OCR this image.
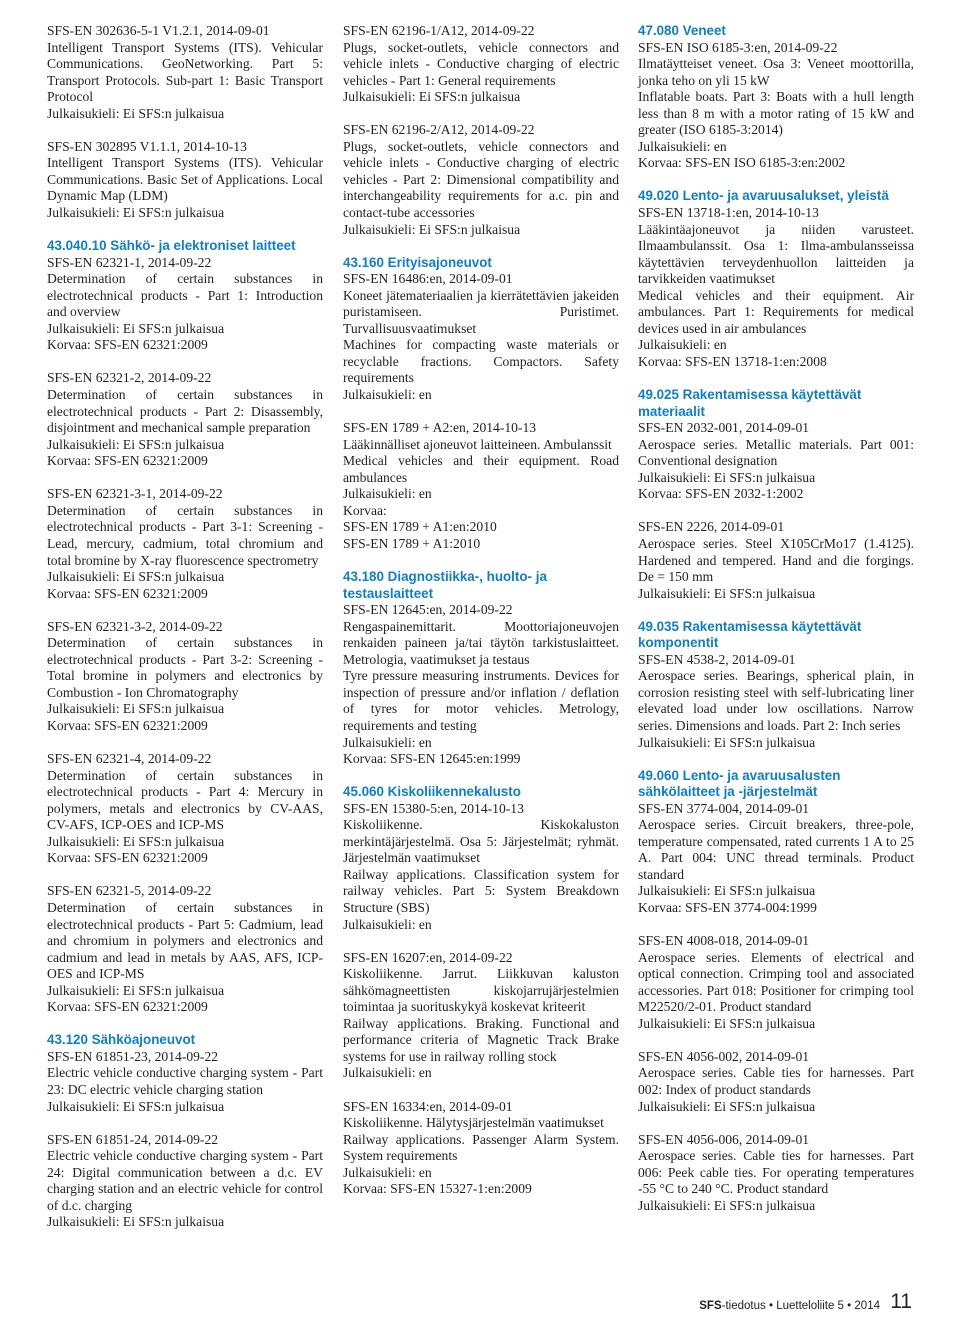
SFS-EN 302636-5-1 V1.2.1, 2014-09-01
Intelligent Transport Systems (ITS). Vehicular Communications. GeoNetworking. Part 5: Transport Protocols. Sub-part 1: Basic Transport Protocol
Julkaisukieli: Ei SFS:n julkaisua
SFS-EN 302895 V1.1.1, 2014-10-13
Intelligent Transport Systems (ITS). Vehicular Communications. Basic Set of Applications. Local Dynamic Map (LDM)
Julkaisukieli: Ei SFS:n julkaisua
43.040.10 Sähkö- ja elektroniset laitteet
SFS-EN 62321-1, 2014-09-22
Determination of certain substances in electrotechnical products - Part 1: Introduction and overview
Julkaisukieli: Ei SFS:n julkaisua
Korvaa: SFS-EN 62321:2009
SFS-EN 62321-2, 2014-09-22
Determination of certain substances in electrotechnical products - Part 2: Disassembly, disjointment and mechanical sample preparation
Julkaisukieli: Ei SFS:n julkaisua
Korvaa: SFS-EN 62321:2009
SFS-EN 62321-3-1, 2014-09-22
Determination of certain substances in electrotechnical products - Part 3-1: Screening - Lead, mercury, cadmium, total chromium and total bromine by X-ray fluorescence spectrometry
Julkaisukieli: Ei SFS:n julkaisua
Korvaa: SFS-EN 62321:2009
SFS-EN 62321-3-2, 2014-09-22
Determination of certain substances in electrotechnical products - Part 3-2: Screening - Total bromine in polymers and electronics by Combustion - Ion Chromatography
Julkaisukieli: Ei SFS:n julkaisua
Korvaa: SFS-EN 62321:2009
SFS-EN 62321-4, 2014-09-22
Determination of certain substances in electrotechnical products - Part 4: Mercury in polymers, metals and electronics by CV-AAS, CV-AFS, ICP-OES and ICP-MS
Julkaisukieli: Ei SFS:n julkaisua
Korvaa: SFS-EN 62321:2009
SFS-EN 62321-5, 2014-09-22
Determination of certain substances in electrotechnical products - Part 5: Cadmium, lead and chromium in polymers and electronics and cadmium and lead in metals by AAS, AFS, ICP-OES and ICP-MS
Julkaisukieli: Ei SFS:n julkaisua
Korvaa: SFS-EN 62321:2009
43.120 Sähköajoneuvot
SFS-EN 61851-23, 2014-09-22
Electric vehicle conductive charging system - Part 23: DC electric vehicle charging station
Julkaisukieli: Ei SFS:n julkaisua
SFS-EN 61851-24, 2014-09-22
Electric vehicle conductive charging system - Part 24: Digital communication between a d.c. EV charging station and an electric vehicle for control of d.c. charging
Julkaisukieli: Ei SFS:n julkaisua
SFS-EN 62196-1/A12, 2014-09-22
Plugs, socket-outlets, vehicle connectors and vehicle inlets - Conductive charging of electric vehicles - Part 1: General requirements
Julkaisukieli: Ei SFS:n julkaisua
SFS-EN 62196-2/A12, 2014-09-22
Plugs, socket-outlets, vehicle connectors and vehicle inlets - Conductive charging of electric vehicles - Part 2: Dimensional compatibility and interchangeability requirements for a.c. pin and contact-tube accessories
Julkaisukieli: Ei SFS:n julkaisua
43.160 Erityisajoneuvot
SFS-EN 16486:en, 2014-09-01
Koneet jätemateriaalien ja kierrätettävien jakeiden puristamiseen. Puristimet. Turvallisuusvaatimukset
Machines for compacting waste materials or recyclable fractions. Compactors. Safety requirements
Julkaisukieli: en
SFS-EN 1789 + A2:en, 2014-10-13
Lääkinnälliset ajoneuvot laitteineen. Ambulanssit
Medical vehicles and their equipment. Road ambulances
Julkaisukieli: en
Korvaa:
SFS-EN 1789 + A1:en:2010
SFS-EN 1789 + A1:2010
43.180 Diagnostiikka-, huolto- ja testauslaitteet
SFS-EN 12645:en, 2014-09-22
Rengaspainemittarit. Moottoriajoneuvojen renkaiden paineen ja/tai täytön tarkistuslaitteet. Metrologia, vaatimukset ja testaus
Tyre pressure measuring instruments. Devices for inspection of pressure and/or inflation / deflation of tyres for motor vehicles. Metrology, requirements and testing
Julkaisukieli: en
Korvaa: SFS-EN 12645:en:1999
45.060 Kiskoliikennekalusto
SFS-EN 15380-5:en, 2014-10-13
Kiskoliikenne. Kiskokaluston merkintäjärjestelmä. Osa 5: Järjestelmät; ryhmät. Järjestelmän vaatimukset
Railway applications. Classification system for railway vehicles. Part 5: System Breakdown Structure (SBS)
Julkaisukieli: en
SFS-EN 16207:en, 2014-09-22
Kiskoliikenne. Jarrut. Liikkuvan kaluston sähkömagneettisten kiskojarrujärjestelmien toimintaa ja suorituskykyä koskevat kriteerit
Railway applications. Braking. Functional and performance criteria of Magnetic Track Brake systems for use in railway rolling stock
Julkaisukieli: en
SFS-EN 16334:en, 2014-09-01
Kiskoliikenne. Hälytysjärjestelmän vaatimukset
Railway applications. Passenger Alarm System. System requirements
Julkaisukieli: en
Korvaa: SFS-EN 15327-1:en:2009
47.080 Veneet
SFS-EN ISO 6185-3:en, 2014-09-22
Ilmatäytteiset veneet. Osa 3: Veneet moottorilla, jonka teho on yli 15 kW
Inflatable boats. Part 3: Boats with a hull length less than 8 m with a motor rating of 15 kW and greater (ISO 6185-3:2014)
Julkaisukieli: en
Korvaa: SFS-EN ISO 6185-3:en:2002
49.020 Lento- ja avaruusalukset, yleistä
SFS-EN 13718-1:en, 2014-10-13
Lääkintäajoneuvot ja niiden varusteet. Ilmaambulanssit. Osa 1: Ilma-ambulansseissa käytettävien terveydenhuollon laitteiden ja tarvikkeiden vaatimukset
Medical vehicles and their equipment. Air ambulances. Part 1: Requirements for medical devices used in air ambulances
Julkaisukieli: en
Korvaa: SFS-EN 13718-1:en:2008
49.025 Rakentamisessa käytettävät materiaalit
SFS-EN 2032-001, 2014-09-01
Aerospace series. Metallic materials. Part 001: Conventional designation
Julkaisukieli: Ei SFS:n julkaisua
Korvaa: SFS-EN 2032-1:2002
SFS-EN 2226, 2014-09-01
Aerospace series. Steel X105CrMo17 (1.4125). Hardened and tempered. Hand and die forgings. De = 150 mm
Julkaisukieli: Ei SFS:n julkaisua
49.035 Rakentamisessa käytettävät komponentit
SFS-EN 4538-2, 2014-09-01
Aerospace series. Bearings, spherical plain, in corrosion resisting steel with self-lubricating liner elevated load under low oscillations. Narrow series. Dimensions and loads. Part 2: Inch series
Julkaisukieli: Ei SFS:n julkaisua
49.060 Lento- ja avaruusalusten sähkölaitteet ja -järjestelmät
SFS-EN 3774-004, 2014-09-01
Aerospace series. Circuit breakers, three-pole, temperature compensated, rated currents 1 A to 25 A. Part 004: UNC thread terminals. Product standard
Julkaisukieli: Ei SFS:n julkaisua
Korvaa: SFS-EN 3774-004:1999
SFS-EN 4008-018, 2014-09-01
Aerospace series. Elements of electrical and optical connection. Crimping tool and associated accessories. Part 018: Positioner for crimping tool M22520/2-01. Product standard
Julkaisukieli: Ei SFS:n julkaisua
SFS-EN 4056-002, 2014-09-01
Aerospace series. Cable ties for harnesses. Part 002: Index of product standards
Julkaisukieli: Ei SFS:n julkaisua
SFS-EN 4056-006, 2014-09-01
Aerospace series. Cable ties for harnesses. Part 006: Peek cable ties. For operating temperatures -55 °C to 240 °C. Product standard
Julkaisukieli: Ei SFS:n julkaisua
SFS-tiedotus • Luetteloliite 5 • 2014 11
